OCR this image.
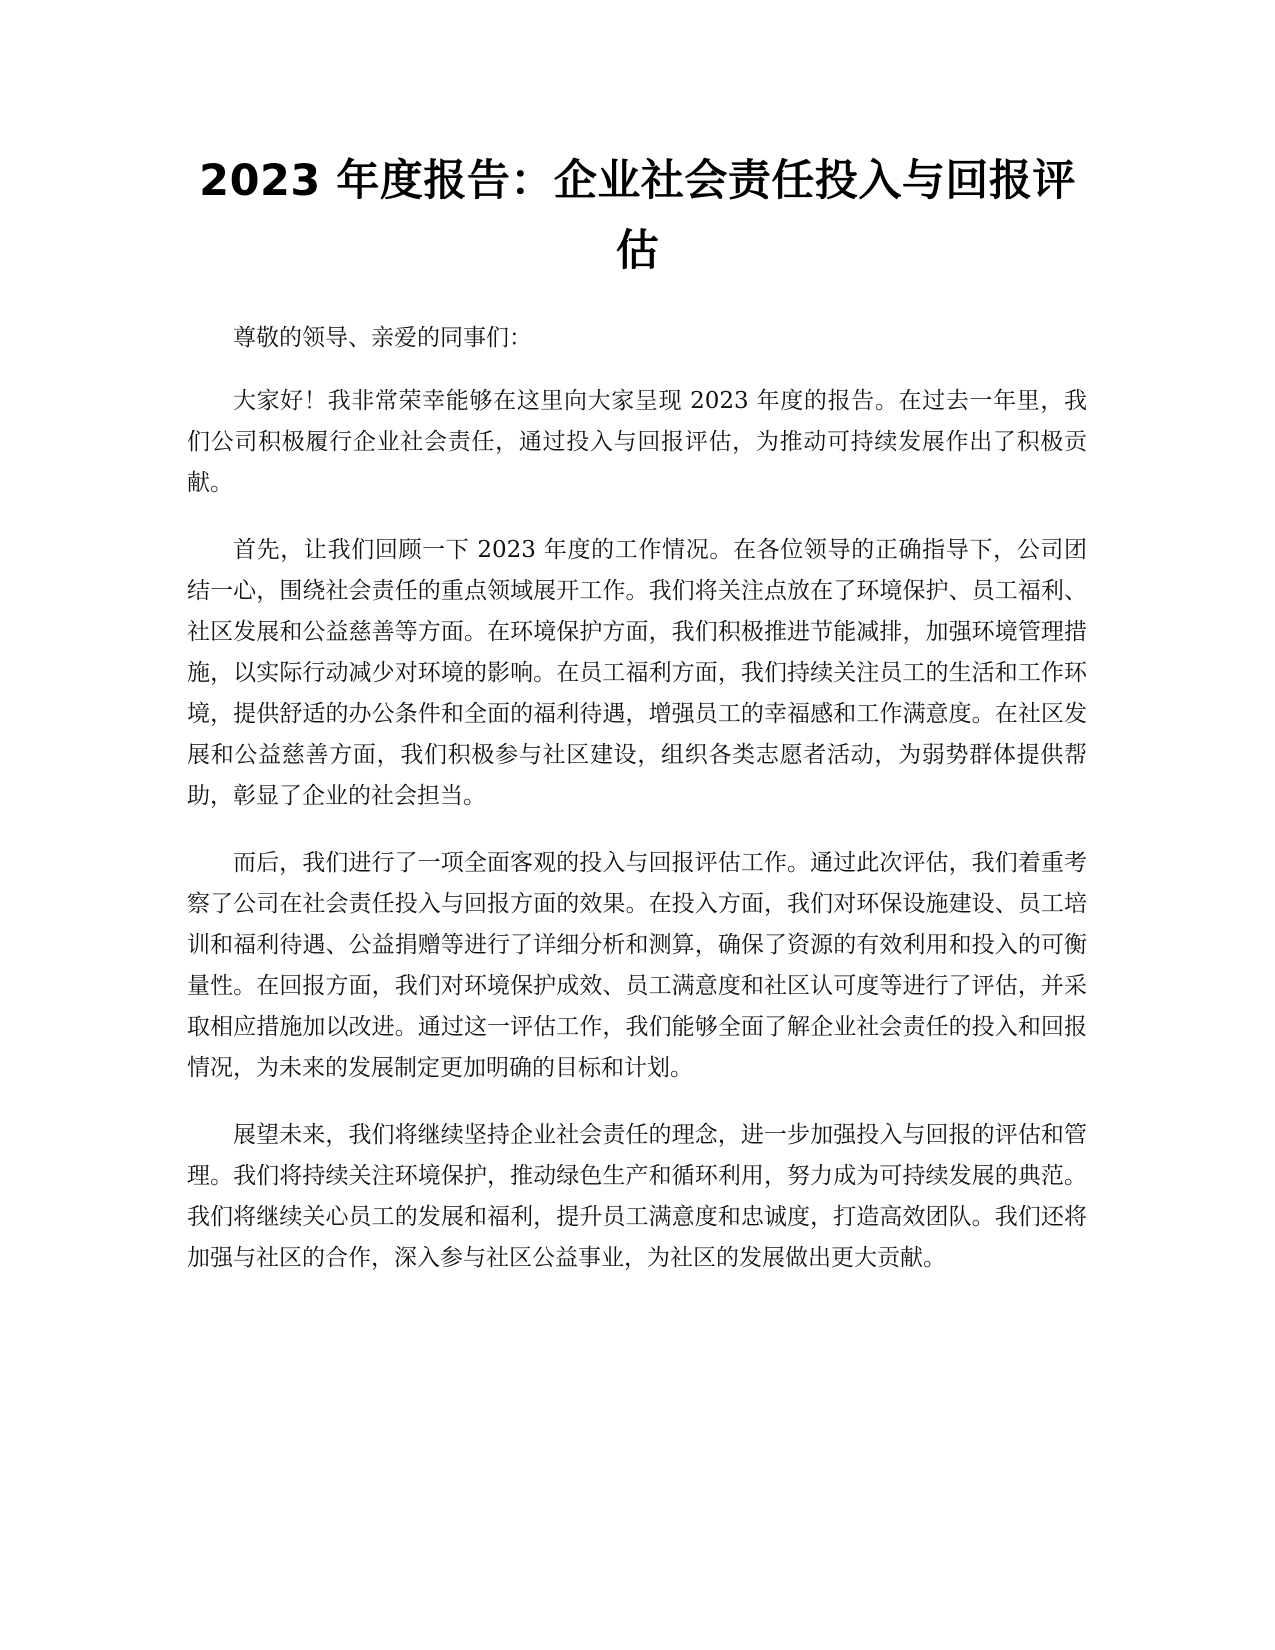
2023 年度报告：企业社会责任投入与回报评估

尊敬的领导、亲爱的同事们：

大家好！我非常荣幸能够在这里向大家呈现 2023 年度的报告。在过去一年里，我们公司积极履行企业社会责任，通过投入与回报评估，为推动可持续发展作出了积极贡献。

首先，让我们回顾一下 2023 年度的工作情况。在各位领导的正确指导下，公司团结一心，围绕社会责任的重点领域展开工作。我们将关注点放在了环境保护、员工福利、社区发展和公益慈善等方面。在环境保护方面，我们积极推进节能减排，加强环境管理措施，以实际行动减少对环境的影响。在员工福利方面，我们持续关注员工的生活和工作环境，提供舒适的办公条件和全面的福利待遇，增强员工的幸福感和工作满意度。在社区发展和公益慈善方面，我们积极参与社区建设，组织各类志愿者活动，为弱势群体提供帮助，彰显了企业的社会担当。

而后，我们进行了一项全面客观的投入与回报评估工作。通过此次评估，我们着重考察了公司在社会责任投入与回报方面的效果。在投入方面，我们对环保设施建设、员工培训和福利待遇、公益捐赠等进行了详细分析和测算，确保了资源的有效利用和投入的可衡量性。在回报方面，我们对环境保护成效、员工满意度和社区认可度等进行了评估，并采取相应措施加以改进。通过这一评估工作，我们能够全面了解企业社会责任的投入和回报情况，为未来的发展制定更加明确的目标和计划。

展望未来，我们将继续坚持企业社会责任的理念，进一步加强投入与回报的评估和管理。我们将持续关注环境保护，推动绿色生产和循环利用，努力成为可持续发展的典范。我们将继续关心员工的发展和福利，提升员工满意度和忠诚度，打造高效团队。我们还将加强与社区的合作，深入参与社区公益事业，为社区的发展做出更大贡献。
